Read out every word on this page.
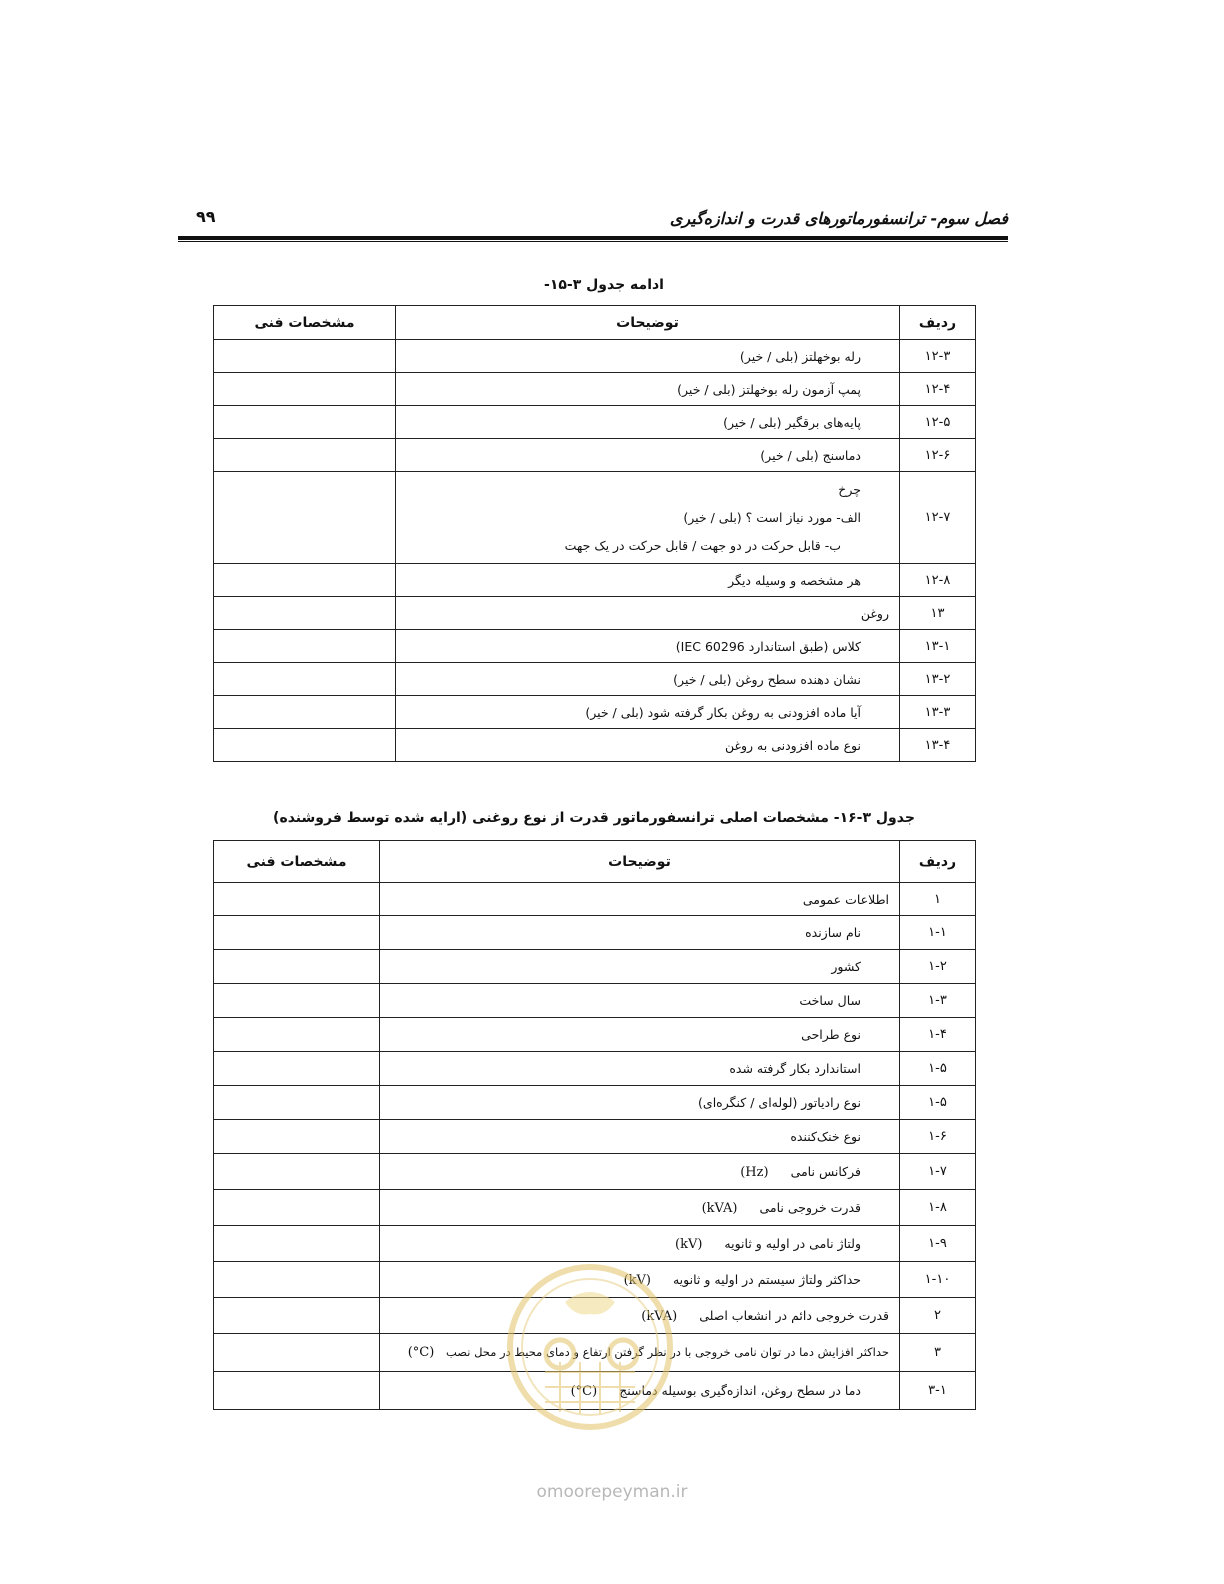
فصل سوم- ترانسفورماتورهای قدرت و اندازه‌گیری
۹۹
ادامه جدول ۳-۱۵-
ردیف	توضیحات	مشخصات فنی
۱۲-۳	رله بوخهلتز (بلی / خیر)	
۱۲-۴	پمپ آزمون رله بوخهلتز (بلی / خیر)	
۱۲-۵	پایه‌های برقگیر (بلی / خیر)	
۱۲-۶	دماسنج (بلی / خیر)	
۱۲-۷	چرخ
الف- مورد نیاز است ؟ (بلی / خیر)
ب- قابل حرکت در دو جهت / قابل حرکت در یک جهت	

۱۲-۸	هر مشخصه و وسیله دیگر	
۱۳	روغن	
۱۳-۱	کلاس (طبق استاندارد IEC 60296)	
۱۳-۲	نشان دهنده سطح روغن (بلی / خیر)	
۱۳-۳	آیا ماده افزودنی به روغن بکار گرفته شود (بلی / خیر)	
۱۳-۴	نوع ماده افزودنی به روغن	
جدول ۳-۱۶- مشخصات اصلی ترانسفورماتور قدرت از نوع روغنی (ارایه شده توسط فروشنده)
ردیف	توضیحات	مشخصات فنی
۱	اطلاعات عمومی	
۱-۱	نام سازنده	
۱-۲	کشور	
۱-۳	سال ساخت	
۱-۴	نوع طراحی	
۱-۵	استاندارد بکار گرفته شده	
۱-۵	نوع رادیاتور (لوله‌ای / کنگره‌ای)	
۱-۶	نوع خنک‌کننده	
۱-۷	فرکانس نامی (Hz)	
۱-۸	قدرت خروجی نامی (kVA)	
۱-۹	ولتاژ نامی در اولیه و ثانویه (kV)	
۱-۱۰	حداکثر ولتاژ سیستم در اولیه و ثانویه (kV)	
۲	قدرت خروجی دائم در انشعاب اصلی (kVA)	
۳	حداکثر افزایش دما در توان نامی خروجی با در نظر گرفتن ارتفاع و دمای محیط در محل نصب (°C)	
۳-۱	دما در سطح روغن، اندازه‌گیری بوسیله دماسنج (°C)	
omoorepeyman.ir
